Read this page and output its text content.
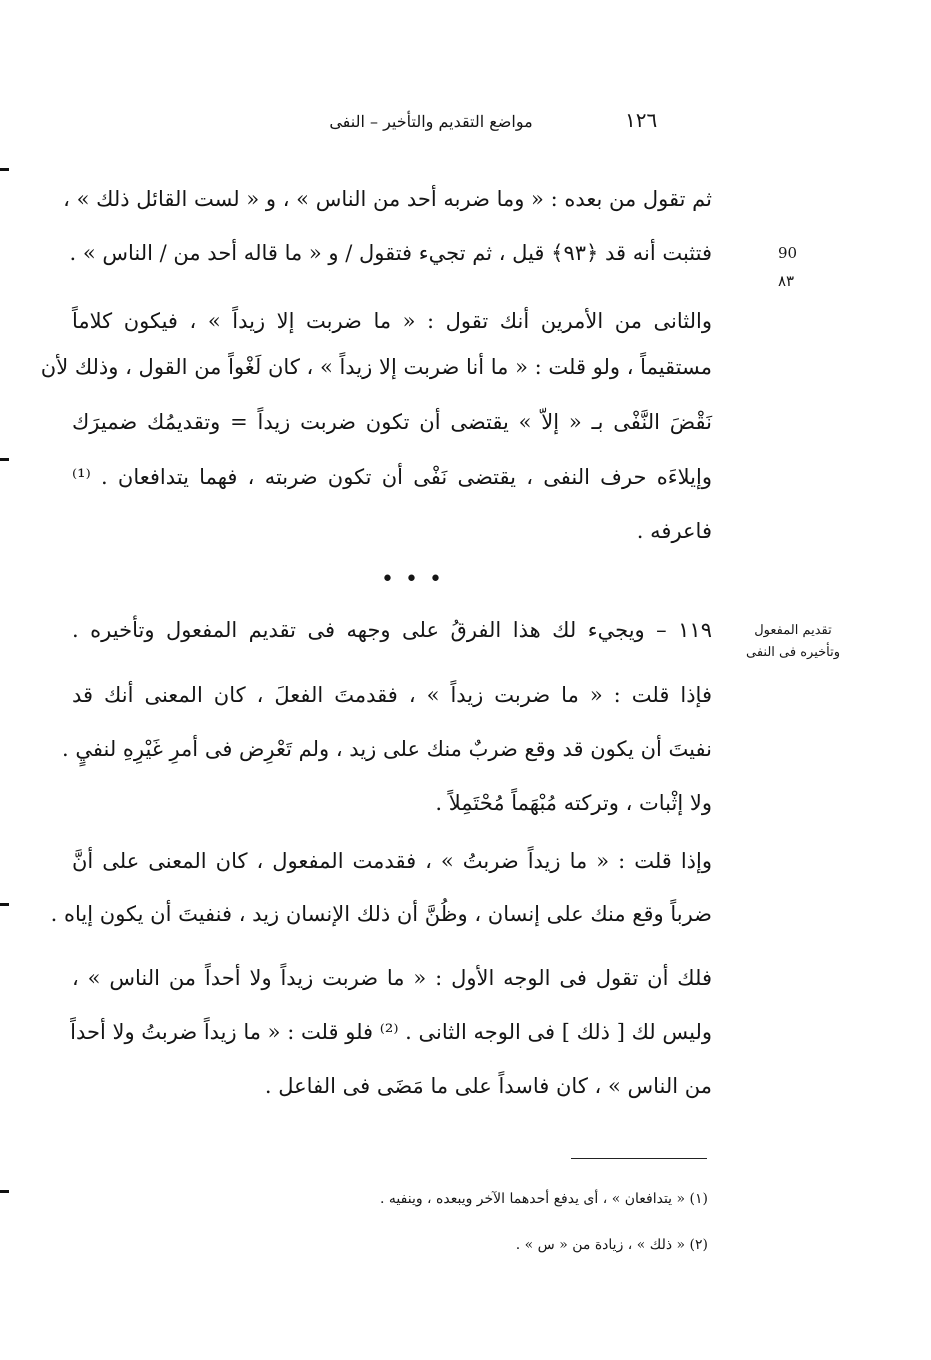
١٢٦
مواضع التقديم والتأخير – النفى
90
٨٣
تقديم المفعول وتأخيره فى النفى
ثم تقول من بعده : « وما ضربه أحد من الناس » ، و « لست القائل ذلك » ،
فتثبت أنه قد ﴿٩٣﴾ قيل ، ثم تجيء فتقول / و « ما قاله أحد من / الناس » .
والثانى من الأمرين أنك تقول : « ما ضربت إلا زيداً » ، فيكون كلاماً
مستقيماً ، ولو قلت : « ما أنا ضربت إلا زيداً » ، كان لَغْواً من القول ، وذلك لأن
نَقْضَ النَّفْى بـ « إلاّ » يقتضى أن تكون ضربت زيداً = وتقديمُك ضميرَك
وإيلاءَه حرف النفى ، يقتضى نَفْى أن تكون ضربته ، فهما يتدافعان . ⁽¹⁾
فاعرفه .
• • •
١١٩ – ويجيء لك هذا الفرقُ على وجهه فى تقديم المفعول وتأخيره .
فإذا قلت : « ما ضربت زيداً » ، فقدمتَ الفعلَ ، كان المعنى أنك قد
نفيتَ أن يكون قد وقع ضربٌ منك على زيد ، ولم تَعْرِض فى أمرِ غَيْرِهِ لنفيٍ .
ولا إثْبات ، وتركته مُبْهَماً مُحْتَمِلاً .
وإذا قلت : « ما زيداً ضربتُ » ، فقدمت المفعول ، كان المعنى على أنَّ
ضرباً وقع منك على إنسان ، وظُنَّ أن ذلك الإنسان زيد ، فنفيتَ أن يكون إياه .
فلك أن تقول فى الوجه الأول : « ما ضربت زيداً ولا أحداً من الناس » ،
وليس لك [ ذلك ] فى الوجه الثانى . ⁽²⁾ فلو قلت : « ما زيداً ضربتُ ولا أحداً
من الناس » ، كان فاسداً على ما مَضَى فى الفاعل .
(١) « يتدافعان » ، أى يدفع أحدهما الآخر ويبعده ، وينفيه .
(٢) « ذلك » ، زيادة من « س » .
